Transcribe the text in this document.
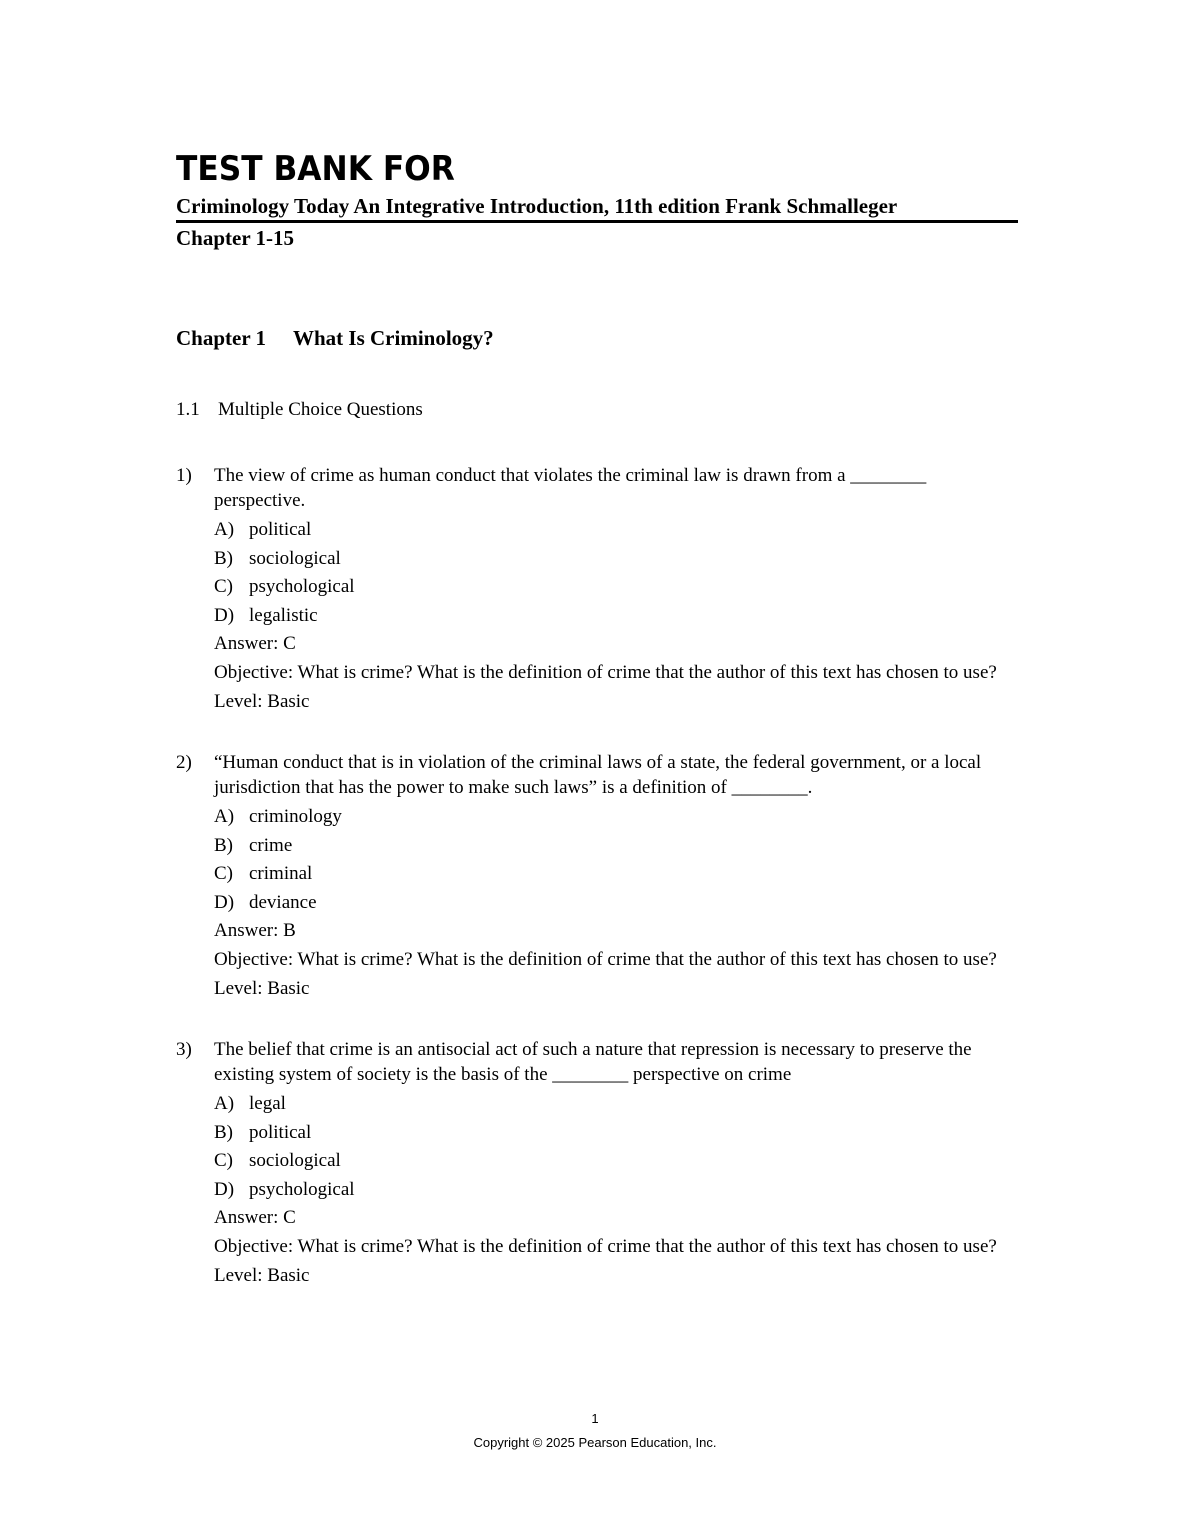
TEST BANK FOR
Criminology Today An Integrative Introduction, 11th edition Frank Schmalleger
Chapter 1-15
Chapter 1 What Is Criminology?
1.1 Multiple Choice Questions
1) The view of crime as human conduct that violates the criminal law is drawn from a ________ perspective.
A) political
B) sociological
C) psychological
D) legalistic
Answer: C
Objective: What is crime? What is the definition of crime that the author of this text has chosen to use?
Level: Basic
2) “Human conduct that is in violation of the criminal laws of a state, the federal government, or a local jurisdiction that has the power to make such laws” is a definition of ________.
A) criminology
B) crime
C) criminal
D) deviance
Answer: B
Objective: What is crime? What is the definition of crime that the author of this text has chosen to use?
Level: Basic
3) The belief that crime is an antisocial act of such a nature that repression is necessary to preserve the existing system of society is the basis of the ________ perspective on crime
A) legal
B) political
C) sociological
D) psychological
Answer: C
Objective: What is crime? What is the definition of crime that the author of this text has chosen to use?
Level: Basic
1
Copyright © 2025 Pearson Education, Inc.
